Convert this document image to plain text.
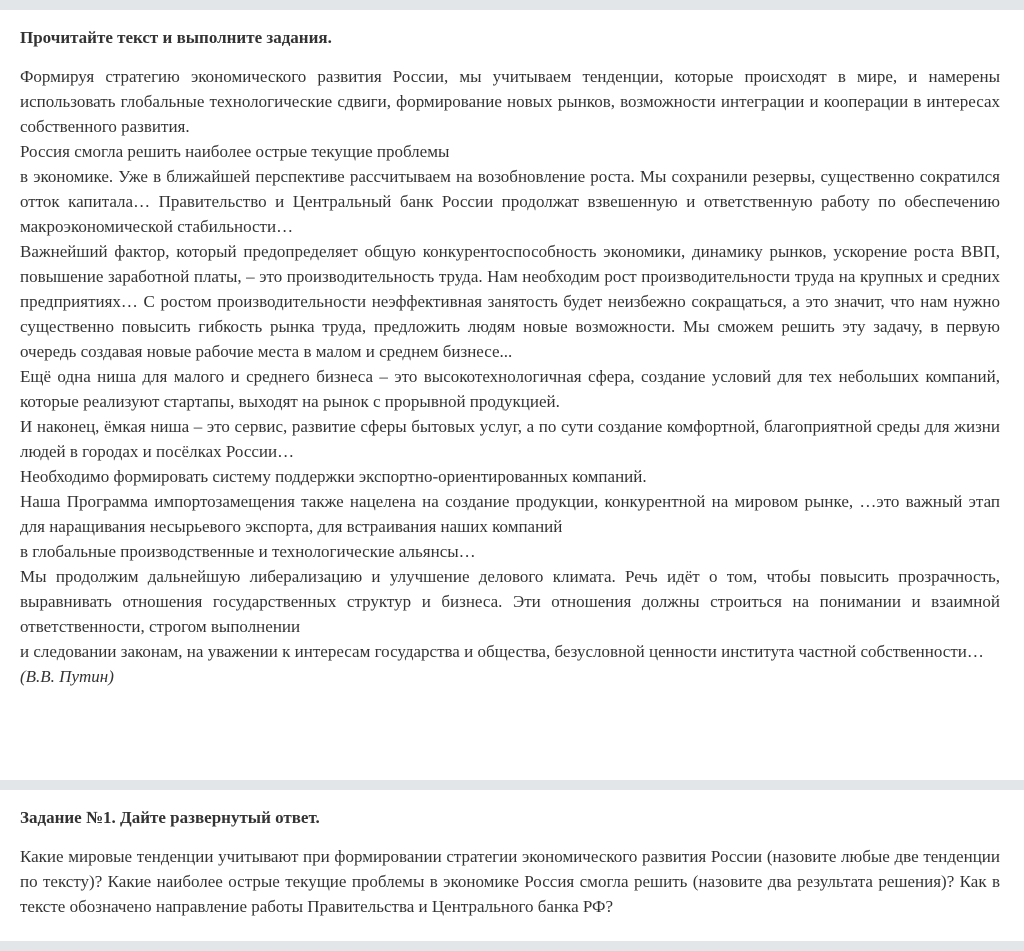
Прочитайте текст и выполните задания.

Формируя стратегию экономического развития России, мы учитываем тенденции, которые происходят в мире, и намерены использовать глобальные технологические сдвиги, формирование новых рынков, возможности интеграции и кооперации в интересах собственного развития.

Россия смогла решить наиболее острые текущие проблемы

в экономике. Уже в ближайшей перспективе рассчитываем на возобновление роста. Мы сохранили резервы, существенно сократился отток капитала… Правительство и Центральный банк России продолжат взвешенную и ответственную работу по обеспечению макроэкономической стабильности…

Важнейший фактор, который предопределяет общую конкурентоспособность экономики, динамику рынков, ускорение роста ВВП, повышение заработной платы, – это производительность труда. Нам необходим рост производительности труда на крупных и средних предприятиях… С ростом производительности неэффективная занятость будет неизбежно сокращаться, а это значит, что нам нужно существенно повысить гибкость рынка труда, предложить людям новые возможности. Мы сможем решить эту задачу, в первую очередь создавая новые рабочие места в малом и среднем бизнесе...

Ещё одна ниша для малого и среднего бизнеса – это высокотехнологичная сфера, создание условий для тех небольших компаний, которые реализуют стартапы, выходят на рынок с прорывной продукцией.

И наконец, ёмкая ниша – это сервис, развитие сферы бытовых услуг, а по сути создание комфортной, благоприятной среды для жизни людей в городах и посёлках России…

Необходимо формировать систему поддержки экспортно-ориентированных компаний.

Наша Программа импортозамещения также нацелена на создание продукции, конкурентной на мировом рынке, …это важный этап для наращивания несырьевого экспорта, для встраивания наших компаний

в глобальные производственные и технологические альянсы…

Мы продолжим дальнейшую либерализацию и улучшение делового климата. Речь идёт о том, чтобы повысить прозрачность, выравнивать отношения государственных структур и бизнеса. Эти отношения должны строиться на понимании и взаимной ответственности, строгом выполнении

и следовании законам, на уважении к интересам государства и общества, безусловной ценности института частной собственности…

(В.В. Путин)

Задание №1. Дайте развернутый ответ.

Какие мировые тенденции учитывают при формировании стратегии экономического развития России (назовите любые две тенденции по тексту)? Какие наиболее острые текущие проблемы в экономике Россия смогла решить (назовите два результата решения)? Как в тексте обозначено направление работы Правительства и Центрального банка РФ?
